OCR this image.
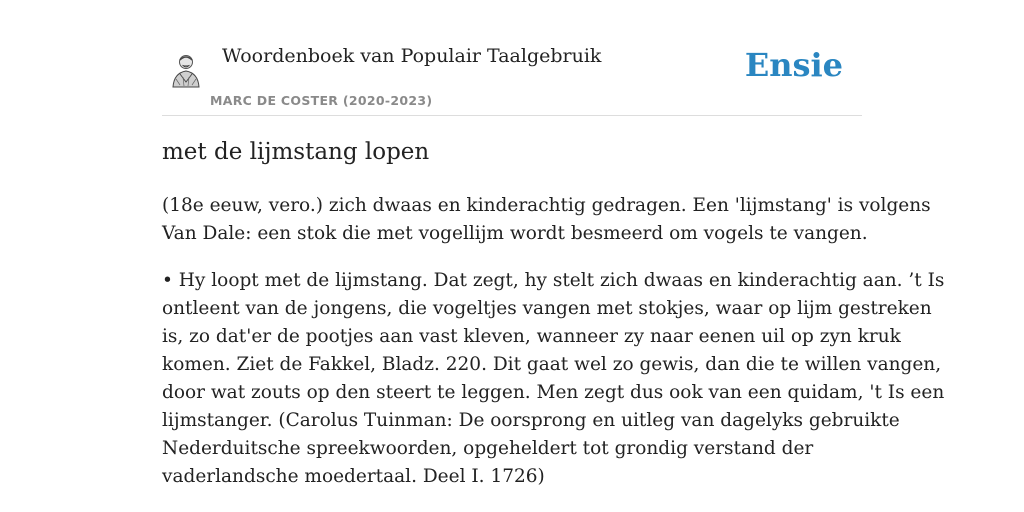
Woordenboek van Populair Taalgebruik
MARC DE COSTER (2020-2023)
Ensie
met de lijmstang lopen
(18e eeuw, vero.) zich dwaas en kinderachtig gedragen. Een 'lijmstang' is volgens
Van Dale: een stok die met vogellijm wordt besmeerd om vogels te vangen.
• Hy loopt met de lijmstang. Dat zegt, hy stelt zich dwaas en kinderachtig aan. ’t Is
ontleent van de jongens, die vogeltjes vangen met stokjes, waar op lijm gestreken
is, zo dat'er de pootjes aan vast kleven, wanneer zy naar eenen uil op zyn kruk
komen. Ziet de Fakkel, Bladz. 220. Dit gaat wel zo gewis, dan die te willen vangen,
door wat zouts op den steert te leggen. Men zegt dus ook van een quidam, 't Is een
lijmstanger. (Carolus Tuinman: De oorsprong en uitleg van dagelyks gebruikte
Nederduitsche spreekwoorden, opgeheldert tot grondig verstand der
vaderlandsche moedertaal. Deel I. 1726)
